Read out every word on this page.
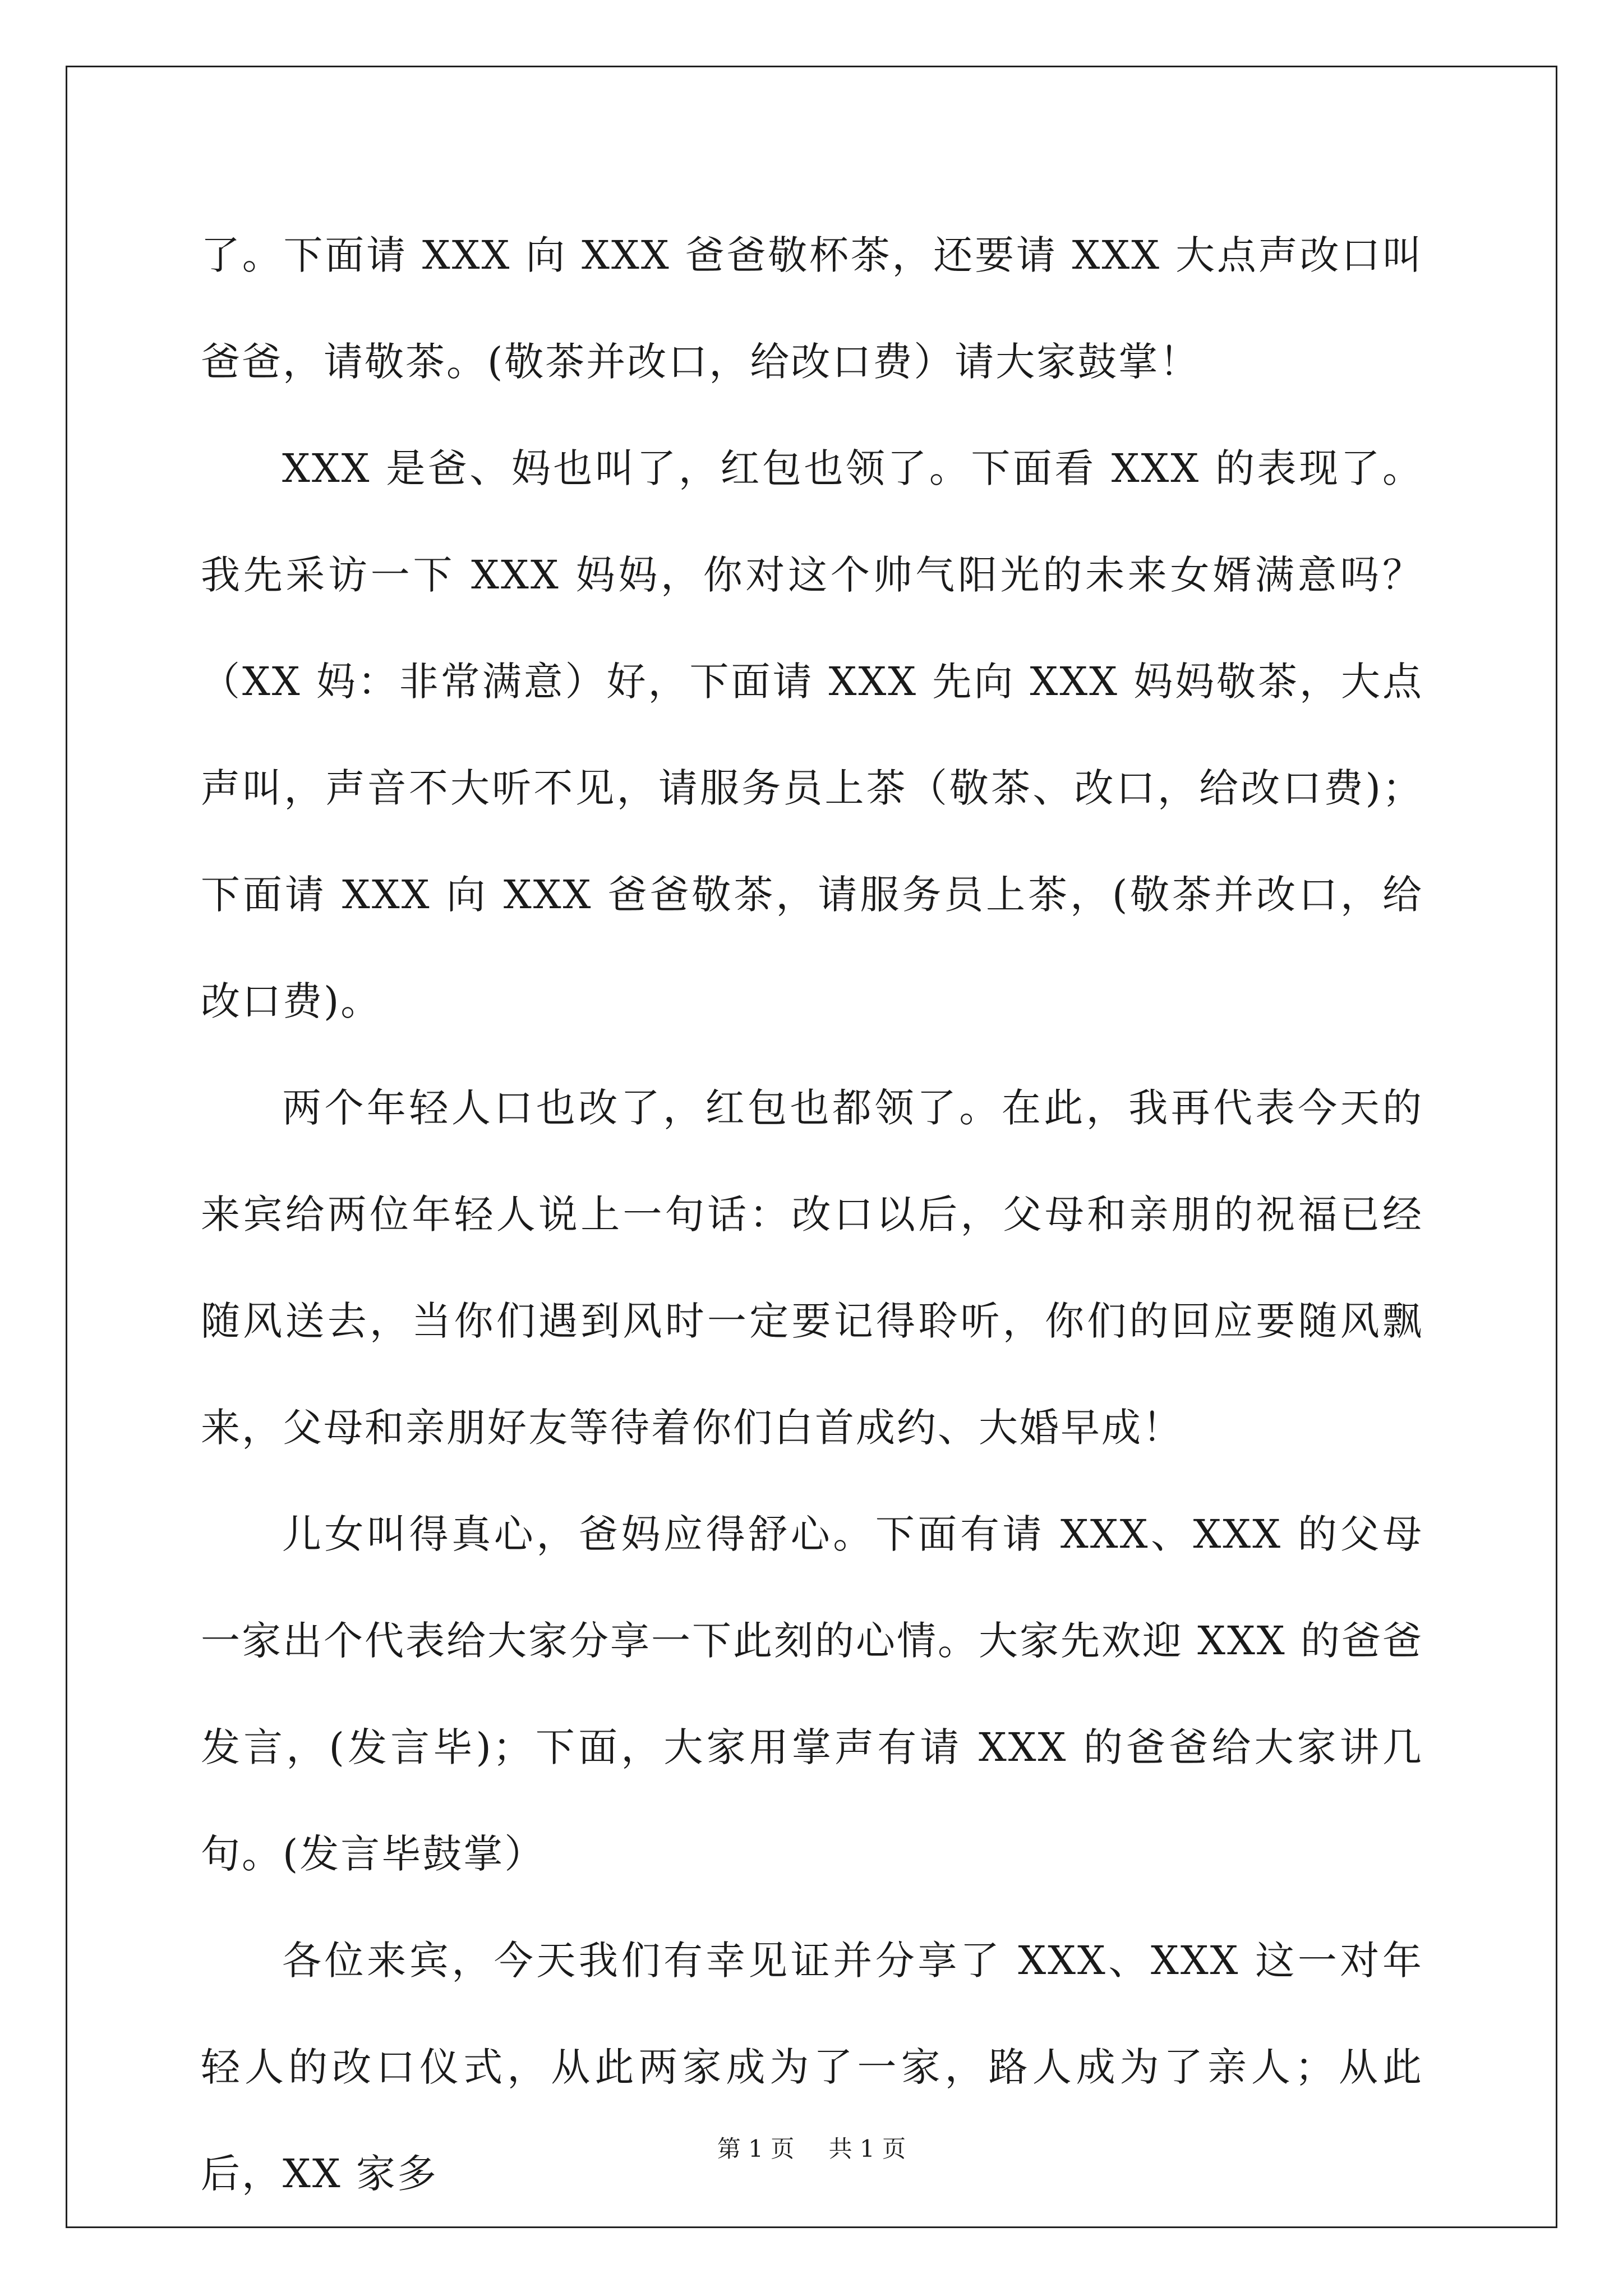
了。下面请 XXX 向 XXX 爸爸敬杯茶，还要请 XXX 大点声改口叫爸爸，请敬茶。(敬茶并改口，给改口费）请大家鼓掌！

XXX 是爸、妈也叫了，红包也领了。下面看 XXX 的表现了。我先采访一下 XXX 妈妈，你对这个帅气阳光的未来女婿满意吗？（XX 妈：非常满意）好，下面请 XXX 先向 XXX 妈妈敬茶，大点声叫，声音不大听不见，请服务员上茶（敬茶、改口，给改口费)；下面请 XXX 向 XXX 爸爸敬茶，请服务员上茶，(敬茶并改口，给改口费)。

两个年轻人口也改了，红包也都领了。在此，我再代表今天的来宾给两位年轻人说上一句话：改口以后，父母和亲朋的祝福已经随风送去，当你们遇到风时一定要记得聆听，你们的回应要随风飘来，父母和亲朋好友等待着你们白首成约、大婚早成！

儿女叫得真心，爸妈应得舒心。下面有请 XXX、XXX 的父母一家出个代表给大家分享一下此刻的心情。大家先欢迎 XXX 的爸爸发言，(发言毕)；下面，大家用掌声有请 XXX 的爸爸给大家讲几句。(发言毕鼓掌）

各位来宾，今天我们有幸见证并分享了 XXX、XXX 这一对年轻人的改口仪式，从此两家成为了一家，路人成为了亲人；从此后，XX 家多

第 1 页 共 1 页
